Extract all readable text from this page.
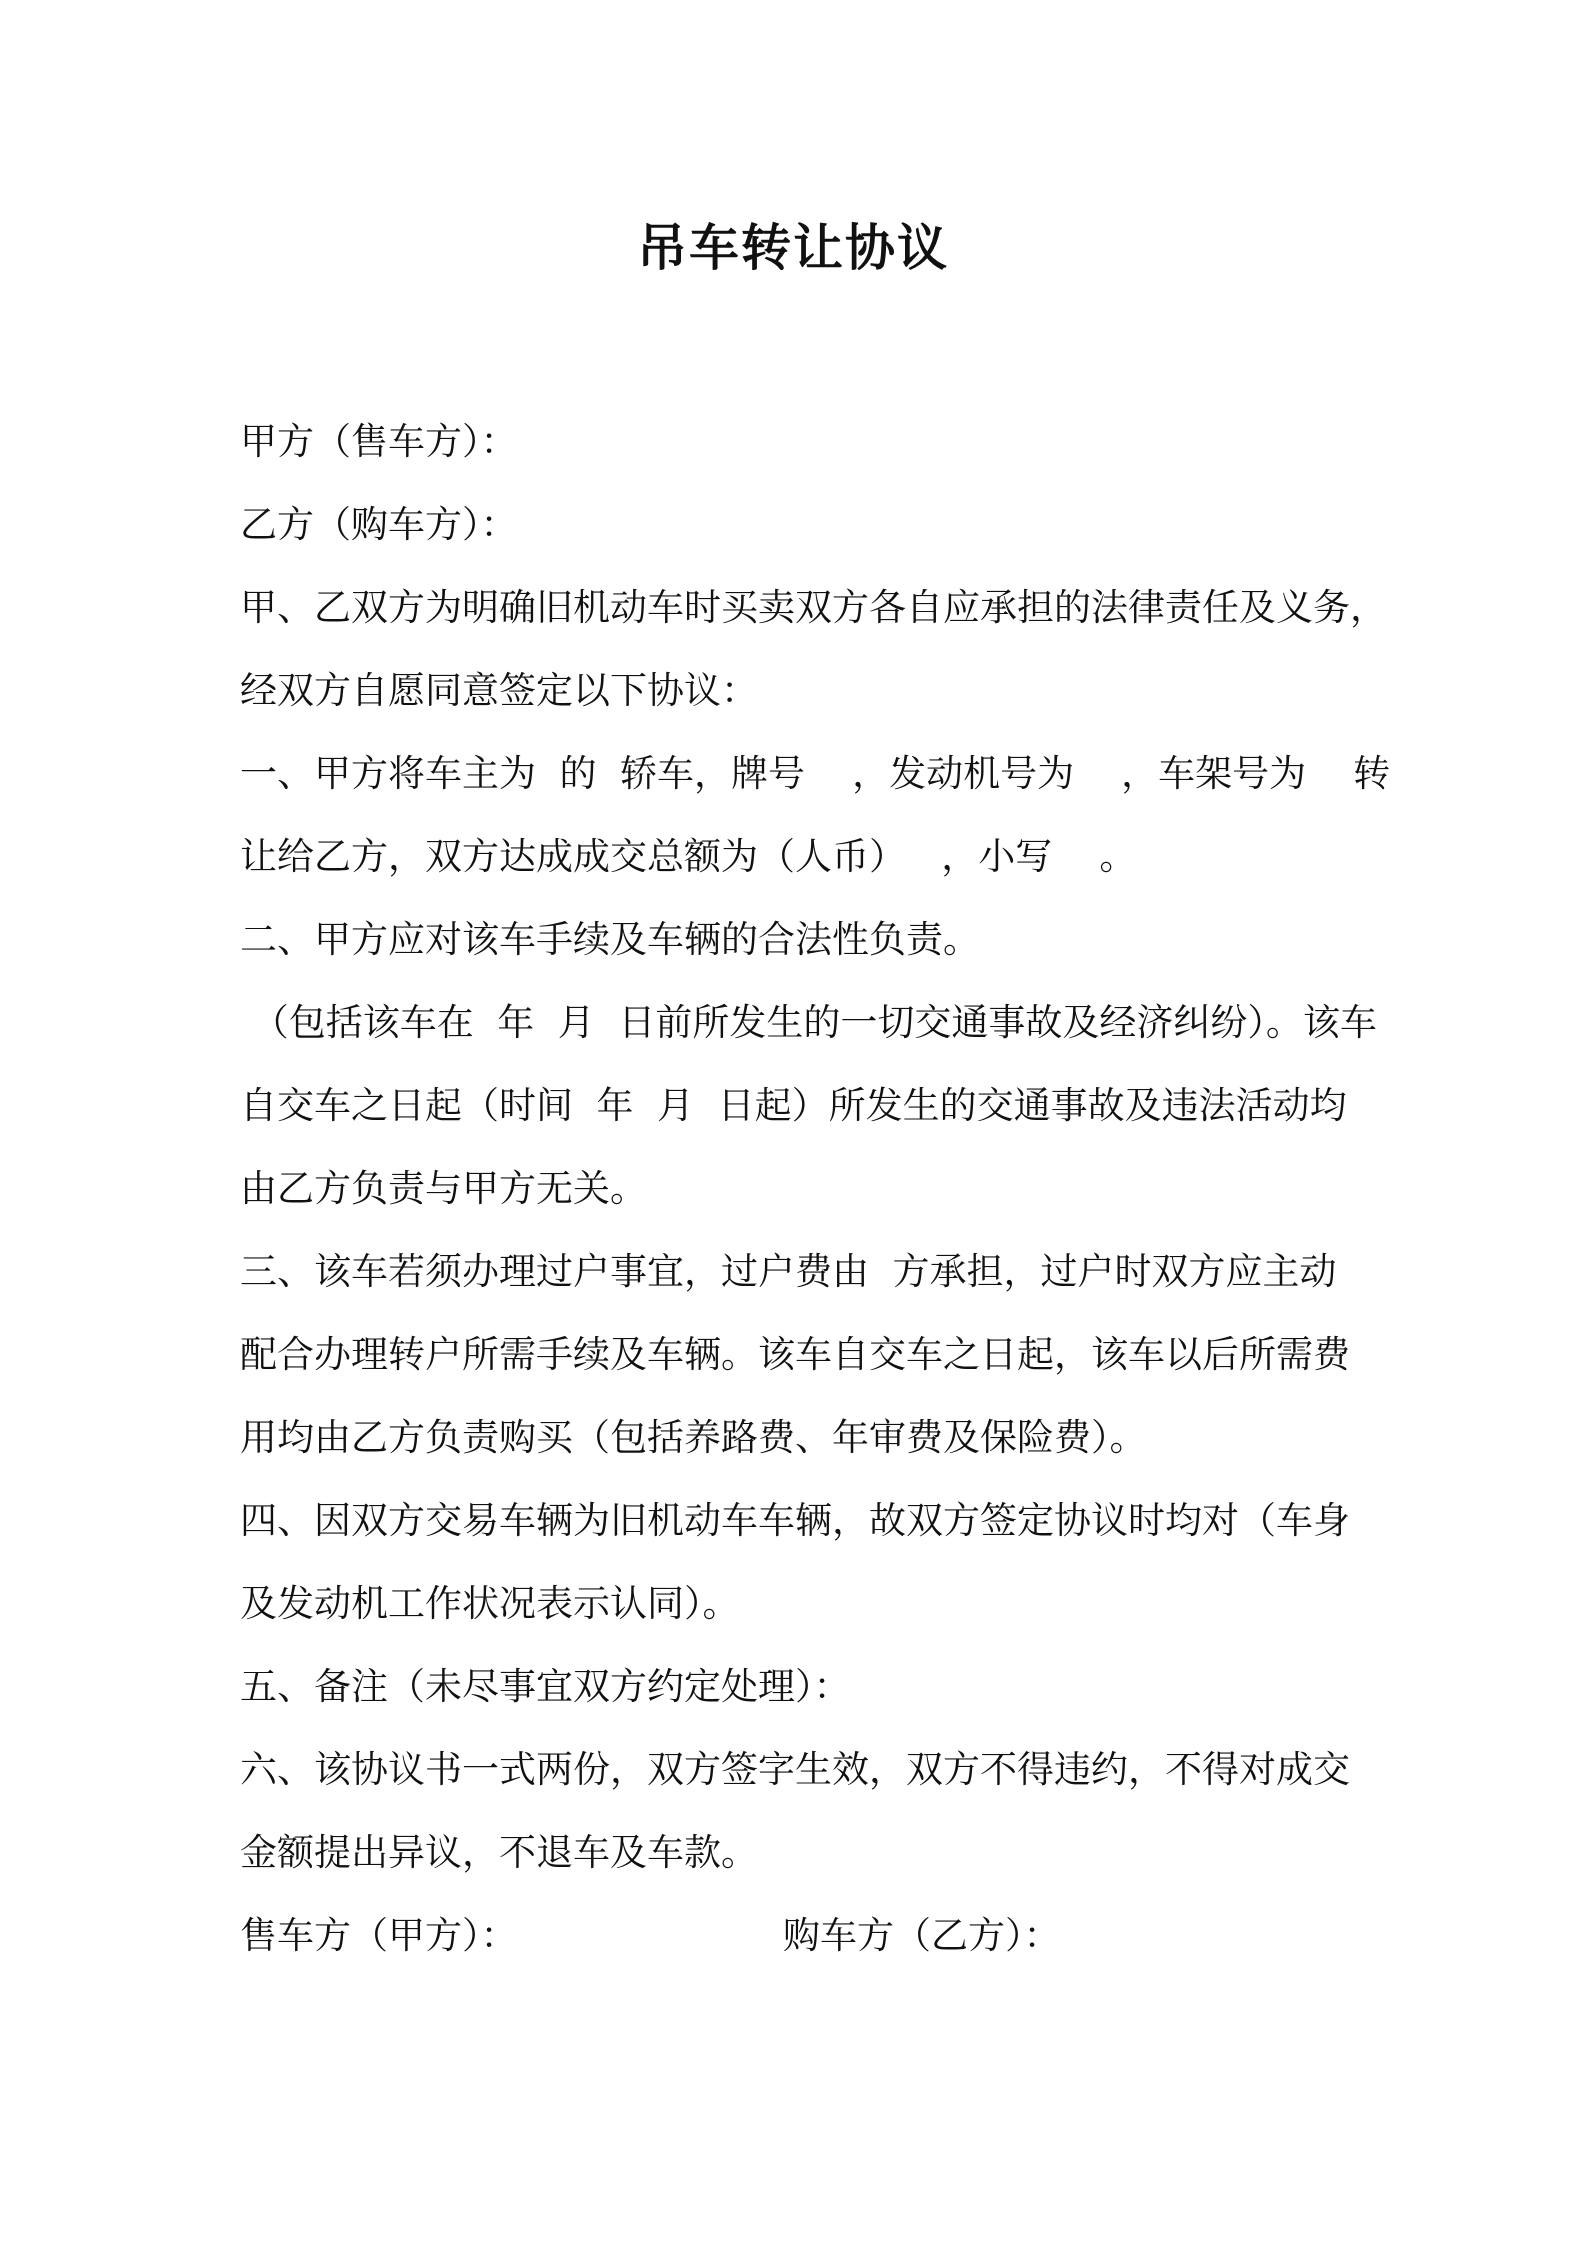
吊车转让协议

甲方（售车方）：

乙方（购车方）：

甲、乙双方为明确旧机动车时买卖双方各自应承担的法律责任及义务，

经双方自愿同意签定以下协议：

一、甲方将车主为  的  轿车，牌号    ，发动机号为    ，车架号为    转

让给乙方，双方达成成交总额为（人币）   ，小写    。

二、甲方应对该车手续及车辆的合法性负责。

（包括该车在  年  月  日前所发生的一切交通事故及经济纠纷）。该车

自交车之日起（时间  年  月  日起）所发生的交通事故及违法活动均

由乙方负责与甲方无关。

三、该车若须办理过户事宜，过户费由  方承担，过户时双方应主动

配合办理转户所需手续及车辆。该车自交车之日起，该车以后所需费

用均由乙方负责购买（包括养路费、年审费及保险费）。

四、因双方交易车辆为旧机动车车辆，故双方签定协议时均对（车身

及发动机工作状况表示认同）。

五、备注（未尽事宜双方约定处理）：

六、该协议书一式两份，双方签字生效，双方不得违约，不得对成交

金额提出异议，不退车及车款。

售车方（甲方）：	购车方（乙方）：
